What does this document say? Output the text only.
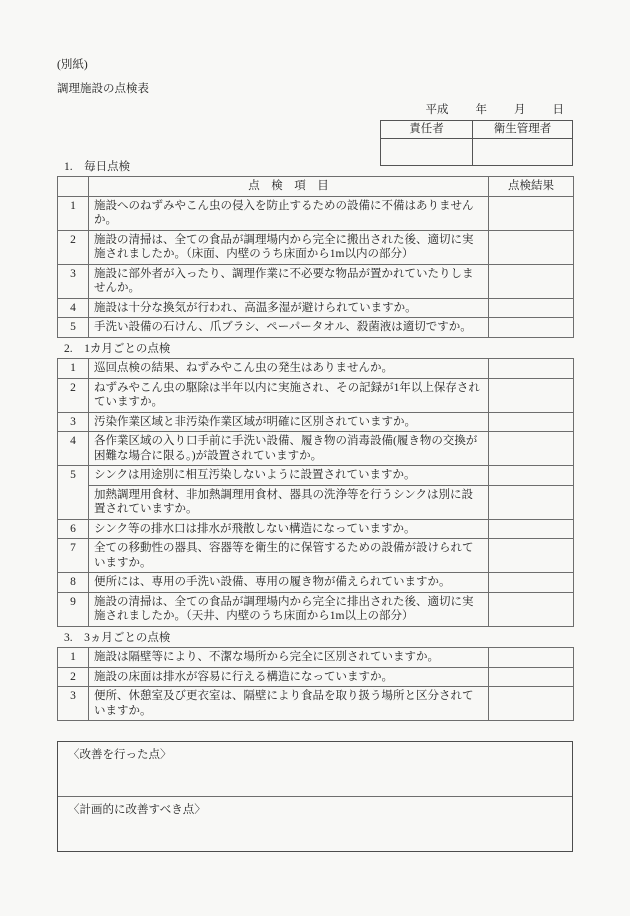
(別紙)
調理施設の点検表
平成 年 月 日
責任者	衛生管理者

1.　毎日点検
	点　検　項　目	点検結果
1	施設へのねずみやこん虫の侵入を防止するための設備に不備はありませんか。	
2	施設の清掃は、全ての食品が調理場内から完全に搬出された後、適切に実施されましたか。（床面、内壁のうち床面から1m以内の部分）	
3	施設に部外者が入ったり、調理作業に不必要な物品が置かれていたりしませんか。	
4	施設は十分な換気が行われ、高温多湿が避けられていますか。	
5	手洗い設備の石けん、爪ブラシ、ペーパータオル、殺菌液は適切ですか。	
2.　1カ月ごとの点検
1	巡回点検の結果、ねずみやこん虫の発生はありませんか。	
2	ねずみやこん虫の駆除は半年以内に実施され、その記録が1年以上保存されていますか。	
3	汚染作業区域と非汚染作業区域が明確に区別されていますか。	
4	各作業区域の入り口手前に手洗い設備、履き物の消毒設備(履き物の交換が困難な場合に限る。)が設置されていますか。	
5	シンクは用途別に相互汚染しないように設置されていますか。	
	加熱調理用食材、非加熱調理用食材、器具の洗浄等を行うシンクは別に設置されていますか。	
6	シンク等の排水口は排水が飛散しない構造になっていますか。	
7	全ての移動性の器具、容器等を衛生的に保管するための設備が設けられていますか。	
8	便所には、専用の手洗い設備、専用の履き物が備えられていますか。	
9	施設の清掃は、全ての食品が調理場内から完全に排出された後、適切に実施されましたか。（天井、内壁のうち床面から1m以上の部分）	
3.　3ヵ月ごとの点検
1	施設は隔壁等により、不潔な場所から完全に区別されていますか。	
2	施設の床面は排水が容易に行える構造になっていますか。	
3	便所、休憩室及び更衣室は、隔壁により食品を取り扱う場所と区分されていますか。	
〈改善を行った点〉
〈計画的に改善すべき点〉
